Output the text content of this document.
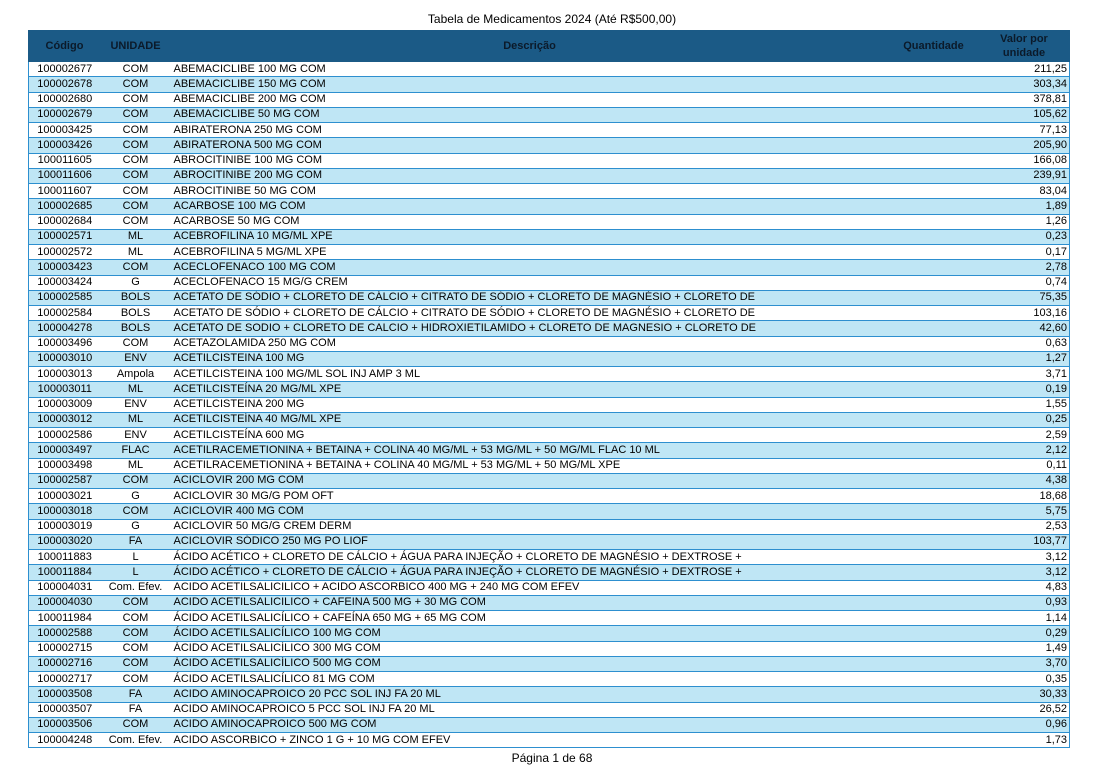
Tabela de Medicamentos 2024 (Até R$500,00)
Código	UNIDADE	Descrição	Quantidade	Valor por unidade
100002677	COM	ABEMACICLIBE 100 MG COM		211,25
100002678	COM	ABEMACICLIBE 150 MG COM		303,34
100002680	COM	ABEMACICLIBE 200 MG COM		378,81
100002679	COM	ABEMACICLIBE 50 MG COM		105,62
100003425	COM	ABIRATERONA 250 MG COM		77,13
100003426	COM	ABIRATERONA 500 MG COM		205,90
100011605	COM	ABROCITINIBE 100 MG COM		166,08
100011606	COM	ABROCITINIBE 200 MG COM		239,91
100011607	COM	ABROCITINIBE 50 MG COM		83,04
100002685	COM	ACARBOSE 100 MG COM		1,89
100002684	COM	ACARBOSE 50 MG COM		1,26
100002571	ML	ACEBROFILINA 10 MG/ML XPE		0,23
100002572	ML	ACEBROFILINA 5 MG/ML XPE		0,17
100003423	COM	ACECLOFENACO 100 MG COM		2,78
100003424	G	ACECLOFENACO 15 MG/G CREM		0,74
100002585	BOLS	ACETATO DE SÓDIO + CLORETO DE CÁLCIO + CITRATO DE SÓDIO + CLORETO DE MAGNÉSIO + CLORETO DE		75,35
100002584	BOLS	ACETATO DE SÓDIO + CLORETO DE CÁLCIO + CITRATO DE SÓDIO + CLORETO DE MAGNÉSIO + CLORETO DE		103,16
100004278	BOLS	ACETATO DE SODIO + CLORETO DE CALCIO + HIDROXIETILAMIDO + CLORETO DE MAGNESIO + CLORETO DE		42,60
100003496	COM	ACETAZOLAMIDA 250 MG COM		0,63
100003010	ENV	ACETILCISTEINA 100 MG		1,27
100003013	Ampola	ACETILCISTEINA 100 MG/ML SOL INJ AMP 3 ML		3,71
100003011	ML	ACETILCISTEÍNA 20 MG/ML XPE		0,19
100003009	ENV	ACETILCISTEINA 200 MG		1,55
100003012	ML	ACETILCISTEÍNA 40 MG/ML XPE		0,25
100002586	ENV	ACETILCISTEÍNA 600 MG		2,59
100003497	FLAC	ACETILRACEMETIONINA + BETAINA + COLINA 40 MG/ML + 53 MG/ML + 50 MG/ML FLAC 10 ML		2,12
100003498	ML	ACETILRACEMETIONINA + BETAINA + COLINA 40 MG/ML + 53 MG/ML + 50 MG/ML XPE		0,11
100002587	COM	ACICLOVIR 200 MG COM		4,38
100003021	G	ACICLOVIR 30 MG/G POM OFT		18,68
100003018	COM	ACICLOVIR 400 MG COM		5,75
100003019	G	ACICLOVIR 50 MG/G CREM DERM		2,53
100003020	FA	ACICLOVIR SÓDICO 250 MG PO LIOF		103,77
100011883	L	ÁCIDO ACÉTICO + CLORETO DE CÁLCIO + ÁGUA PARA INJEÇÃO + CLORETO DE MAGNÉSIO + DEXTROSE +		3,12
100011884	L	ÁCIDO ACÉTICO + CLORETO DE CÁLCIO + ÁGUA PARA INJEÇÃO + CLORETO DE MAGNÉSIO + DEXTROSE +		3,12
100004031	Com. Efev.	ACIDO ACETILSALICILICO + ACIDO ASCORBICO 400 MG + 240 MG COM EFEV		4,83
100004030	COM	ACIDO ACETILSALICILICO + CAFEINA 500 MG + 30 MG COM		0,93
100011984	COM	ÁCIDO ACETILSALICÍLICO + CAFEÍNA 650 MG + 65 MG COM		1,14
100002588	COM	ÁCIDO ACETILSALICÍLICO 100 MG COM		0,29
100002715	COM	ÁCIDO ACETILSALICÍLICO 300 MG COM		1,49
100002716	COM	ÁCIDO ACETILSALICÍLICO 500 MG COM		3,70
100002717	COM	ÁCIDO ACETILSALICÍLICO 81 MG COM		0,35
100003508	FA	ACIDO AMINOCAPROICO 20 PCC SOL INJ FA 20 ML		30,33
100003507	FA	ACIDO AMINOCAPROICO 5 PCC SOL INJ FA 20 ML		26,52
100003506	COM	ACIDO AMINOCAPROICO 500 MG COM		0,96
100004248	Com. Efev.	ACIDO ASCORBICO + ZINCO 1 G + 10 MG COM EFEV		1,73
Página 1 de 68
